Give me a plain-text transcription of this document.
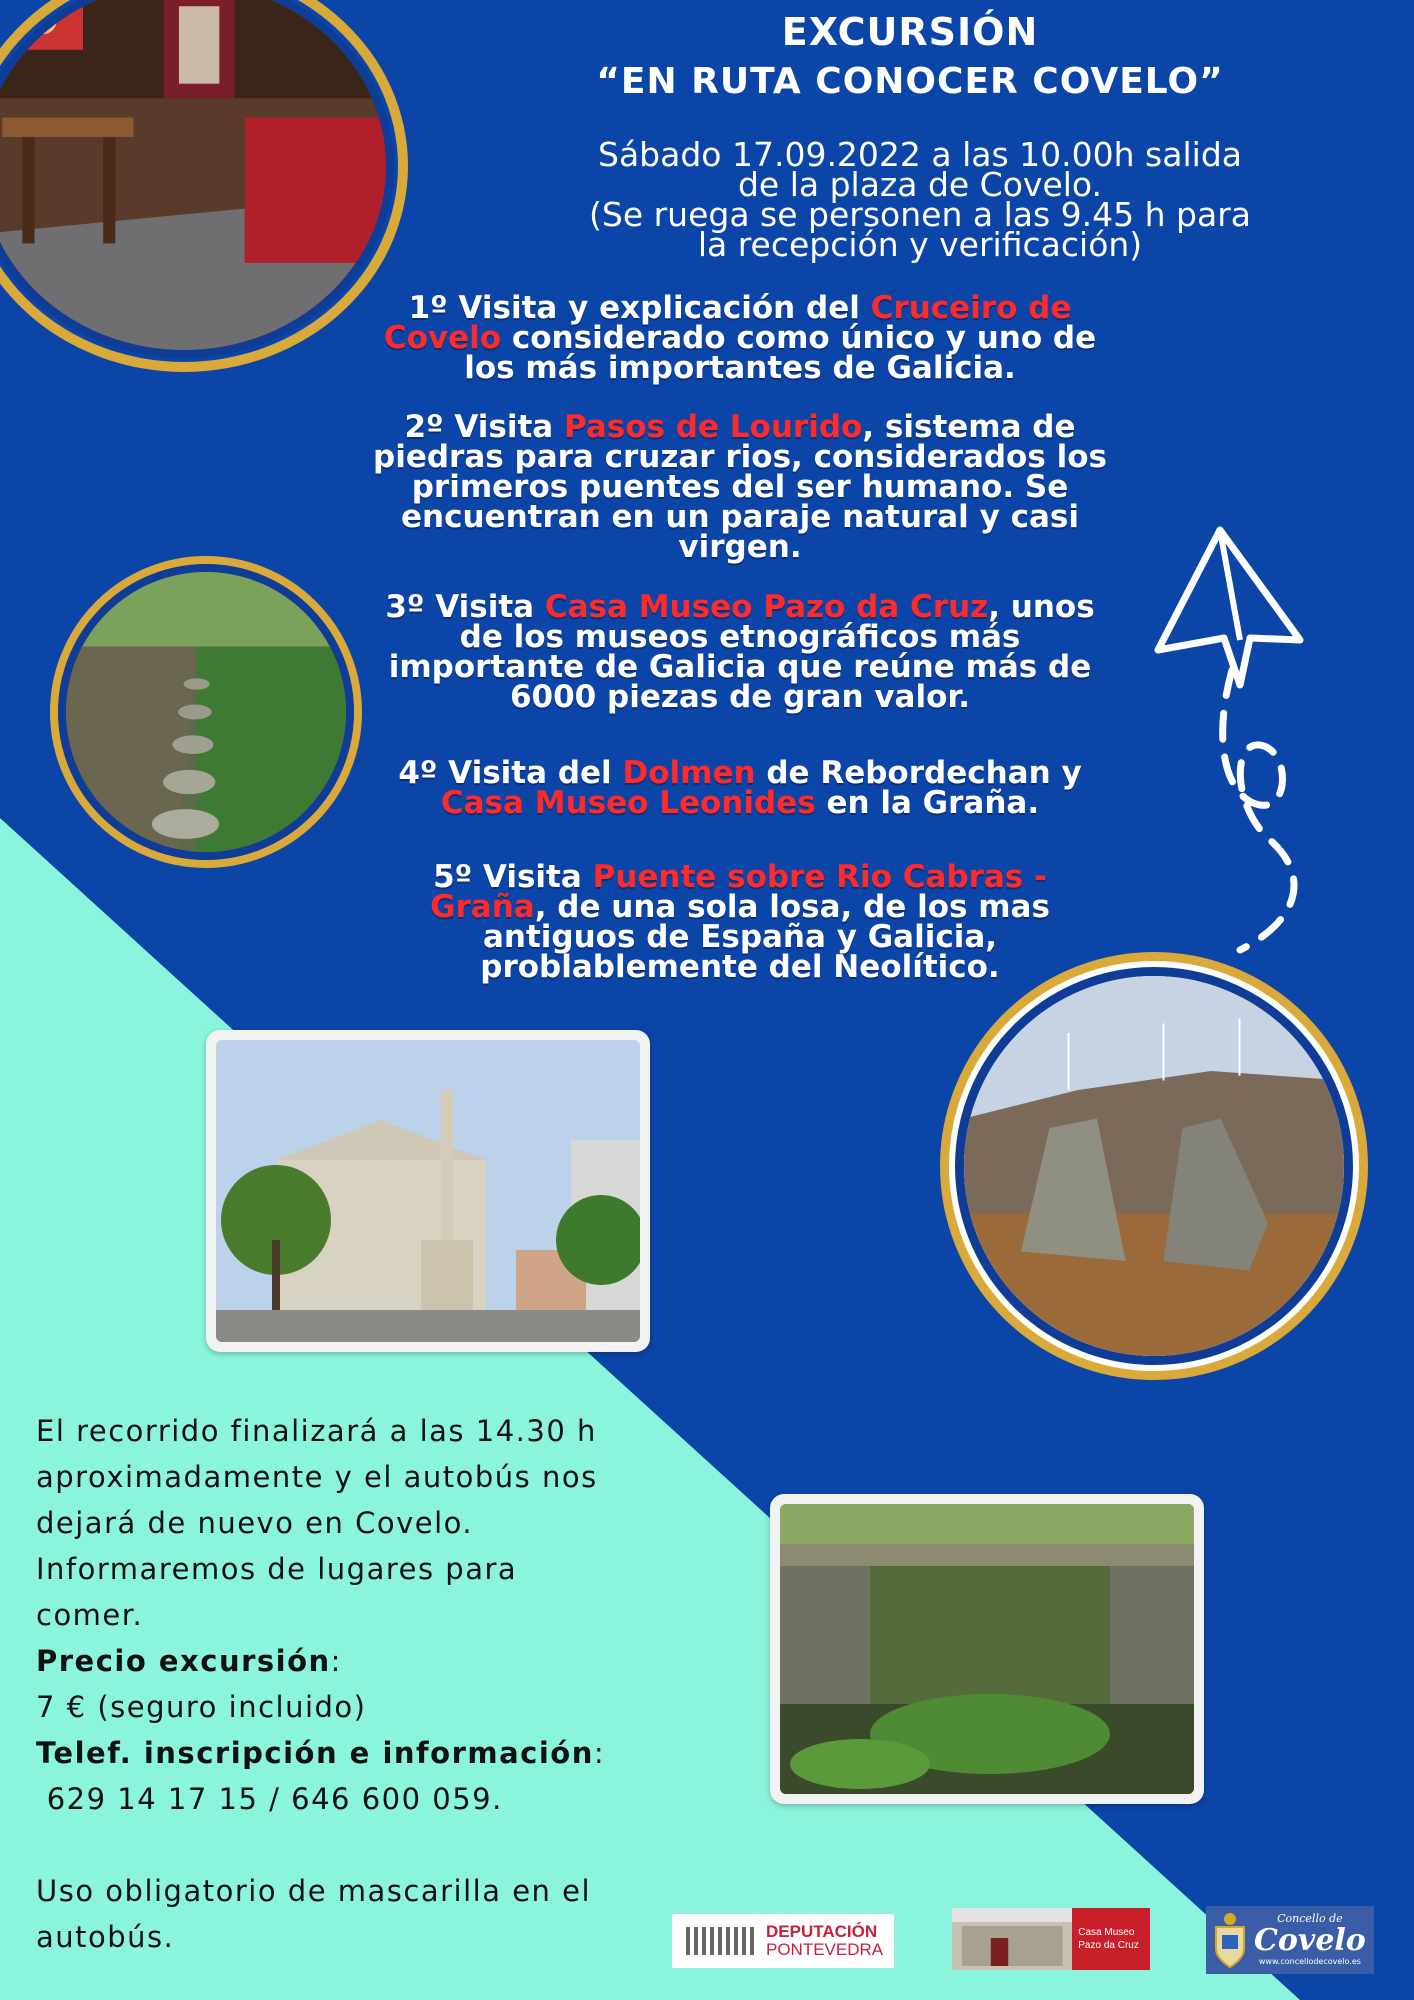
EXCURSIÓN
“EN RUTA CONOCER COVELO”
Sábado 17.09.2022 a las 10.00h salida
de la plaza de Covelo.
(Se ruega se personen a las 9.45 h para
la recepción y verificación)
1º Visita y explicación del Cruceiro de Covelo considerado como único y uno de los más importantes de Galicia.
2º Visita Pasos de Lourido, sistema de piedras para cruzar rios, considerados los primeros puentes del ser humano. Se encuentran en un paraje natural y casi virgen.
3º Visita Casa Museo Pazo da Cruz, unos de los museos etnográficos más importante de Galicia que reúne más de 6000 piezas de gran valor.
4º Visita del Dolmen de Rebordechan y Casa Museo Leonides en la Graña.
5º Visita Puente sobre Rio Cabras - Graña, de una sola losa, de los mas antiguos de España y Galicia, problablemente del Neolítico.
El recorrido finalizará a las 14.30 h
aproximadamente y el autobús nos
dejará de nuevo en Covelo.
Informaremos de lugares para
comer.
Precio excursión:
7 € (seguro incluido)
Telef. inscripción e información:
629 14 17 15 / 646 600 059.
Uso obligatorio de mascarilla en el
autobús.	DEPUTACIÓN
PONTEVEDRA
Casa Museo
Pazo da Cruz
Concello de
Covelo
www.concellodecovelo.es
